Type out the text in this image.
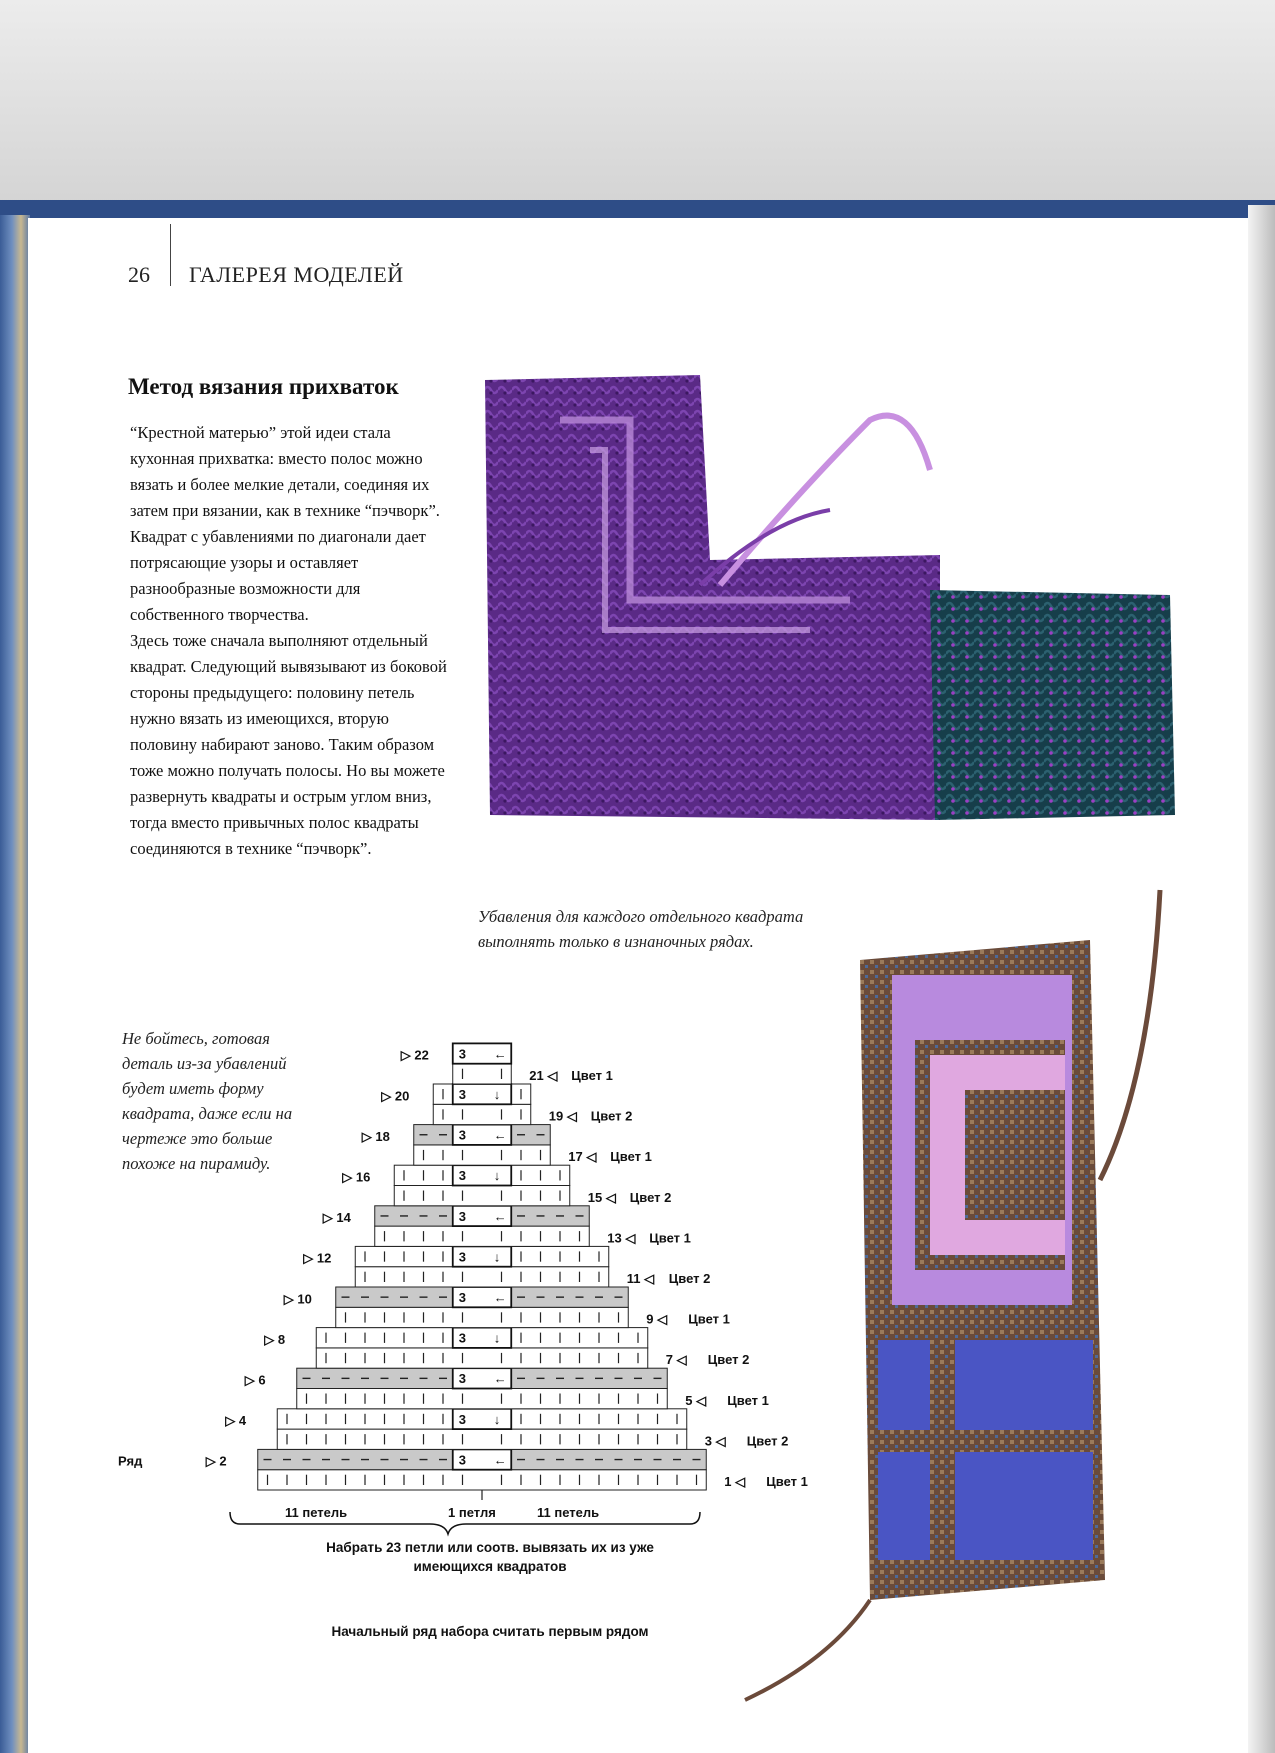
26 ГАЛЕРЕЯ МОДЕЛЕЙ
Метод вязания прихваток

“Крестной матерью” этой идеи стала кухонная прихватка: вместо полос можно вязать и более мелкие детали, соединяя их затем при вязании, как в технике “пэчворк”. Квадрат с убавлениями по диагонали дает потрясающие узоры и оставляет разнообразные возможности для собственного творчества.

Здесь тоже сначала выполняют отдельный квадрат. Следующий вывязывают из боковой стороны предыдущего: половину петель нужно вязать из имеющихся, вторую половину набирают заново. Таким образом тоже можно получать полосы. Но вы можете развернуть квадраты и острым углом вниз, тогда вместо привычных полос квадраты соединяются в технике “пэчворк”.

Убавления для каждого отдельного квадрата выполнять только в изнаночных рядах.
Не бойтесь, готовая деталь из-за убавлений будет иметь форму квадрата, даже если на чертеже это больше похоже на пирамиду.
1 ◁ Цвет 1
3 ←
▷ 2
Ряд
3 ◁ Цвет 2
3 ↓
▷ 4
5 ◁ Цвет 1
3 ←
▷ 6
7 ◁ Цвет 2
3 ↓
▷ 8
9 ◁ Цвет 1
3 ←
▷ 10
11 ◁ Цвет 2
3 ↓
▷ 12
13 ◁ Цвет 1
3 ←
▷ 14
15 ◁ Цвет 2
3 ↓
▷ 16
17 ◁ Цвет 1
3 ←
▷ 18
19 ◁ Цвет 2
3 ↓
▷ 20
21 ◁ Цвет 1
3 ←
▷ 22
11 петель	1 петля	11 петель
Набрать 23 петли или соотв. вывязать их из уже имеющихся квадратов
Начальный ряд набора считать первым рядом
